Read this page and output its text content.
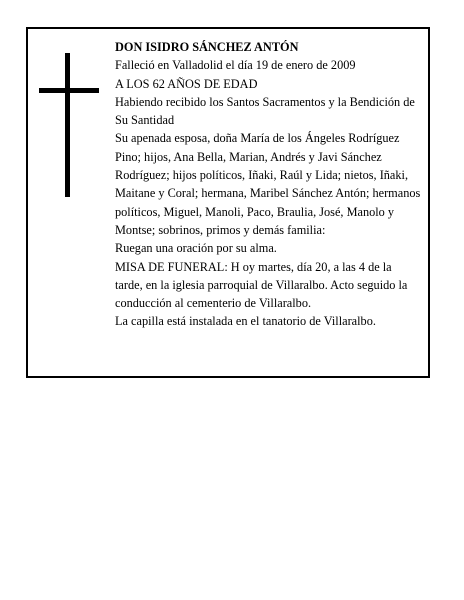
DON ISIDRO SÁNCHEZ ANTÓN

Falleció en Valladolid el día 19 de enero de 2009

A LOS 62 AÑOS DE EDAD

Habiendo recibido los Santos Sacramentos y la Bendición de Su Santidad

Su apenada esposa, doña María de los Ángeles Rodríguez Pino; hijos, Ana Bella, Marian, Andrés y Javi Sánchez Rodríguez; hijos políticos, Iñaki, Raúl y Lida; nietos, Iñaki, Maitane y Coral; hermana, Maribel Sánchez Antón; hermanos políticos, Miguel, Manoli, Paco, Braulia, José, Manolo y Montse; sobrinos, primos y demás familia:

Ruegan una oración por su alma.

MISA DE FUNERAL: H oy martes, día 20, a las 4 de la tarde, en la iglesia parroquial de Villaralbo. Acto seguido la conducción al cementerio de Villaralbo.

La capilla está instalada en el tanatorio de Villaralbo.
